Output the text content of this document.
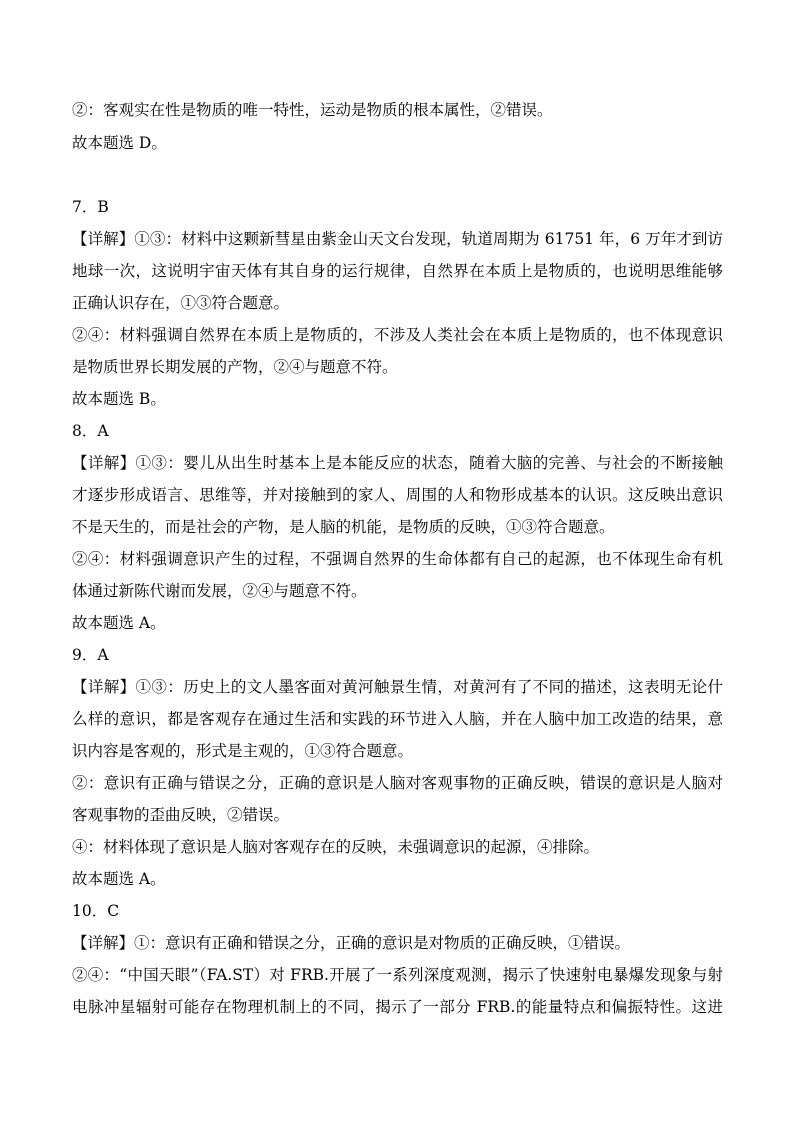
②：客观实在性是物质的唯一特性，运动是物质的根本属性，②错误。
故本题选 D。
7．B
【详解】①③：材料中这颗新彗星由紫金山天文台发现，轨道周期为 61751 年，6 万年才到访
地球一次，这说明宇宙天体有其自身的运行规律，自然界在本质上是物质的，也说明思维能够
正确认识存在，①③符合题意。
②④：材料强调自然界在本质上是物质的，不涉及人类社会在本质上是物质的，也不体现意识
是物质世界长期发展的产物，②④与题意不符。
故本题选 B。
8．A
【详解】①③：婴儿从出生时基本上是本能反应的状态，随着大脑的完善、与社会的不断接触
才逐步形成语言、思维等，并对接触到的家人、周围的人和物形成基本的认识。这反映出意识
不是天生的，而是社会的产物，是人脑的机能，是物质的反映，①③符合题意。
②④：材料强调意识产生的过程，不强调自然界的生命体都有自己的起源，也不体现生命有机
体通过新陈代谢而发展，②④与题意不符。
故本题选 A。
9．A
【详解】①③：历史上的文人墨客面对黄河触景生情，对黄河有了不同的描述，这表明无论什
么样的意识，都是客观存在通过生活和实践的环节进入人脑，并在人脑中加工改造的结果，意
识内容是客观的，形式是主观的，①③符合题意。
②：意识有正确与错误之分，正确的意识是人脑对客观事物的正确反映，错误的意识是人脑对
客观事物的歪曲反映，②错误。
④：材料体现了意识是人脑对客观存在的反映，未强调意识的起源，④排除。
故本题选 A。
10．C
【详解】①：意识有正确和错误之分，正确的意识是对物质的正确反映，①错误。
②④：“中国天眼”（FA.ST）对 FRB.开展了一系列深度观测，揭示了快速射电暴爆发现象与射
电脉冲星辐射可能存在物理机制上的不同，揭示了一部分 FRB.的能量特点和偏振特性。这进
